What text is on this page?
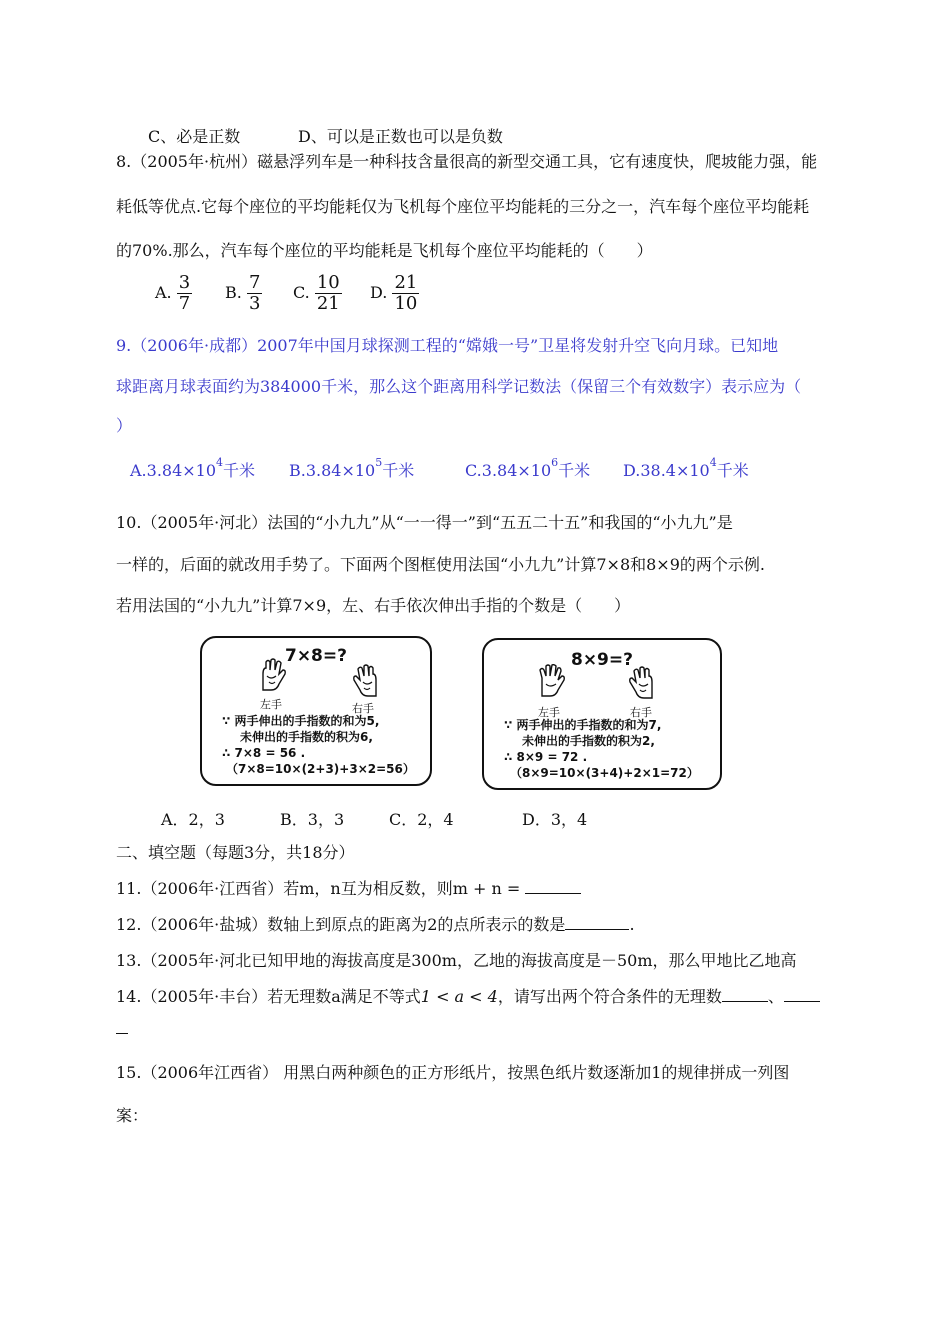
C、必是正数	D、可以是正数也可以是负数
8.（2005年·杭州）磁悬浮列车是一种科技含量很高的新型交通工具，它有速度快，爬坡能力强，能
耗低等优点.它每个座位的平均能耗仅为飞机每个座位平均能耗的三分之一，汽车每个座位平均能耗
的70%.那么，汽车每个座位的平均能耗是飞机每个座位平均能耗的（　　）
A. $\frac{3}{7} B$. $\frac{7}{3} C$. $\frac{10}{21} D$. $\frac{21}{10}$
9.（2006年·成都）2007年中国月球探测工程的“嫦娥一号”卫星将发射升空飞向月球。已知地
球距离月球表面约为384000千米，那么这个距离用科学记数法（保留三个有效数字）表示应为（
）
$A.3.84\times 10^4$千米 $B.3.84\times 10^5$千米	$C.3.84\times 10^6$千米 $D.38.4\times 10^4$千米
10.（2005年·河北）法国的“小九九”从“一一得一”到“五五二十五”和我国的“小九九”是
一样的，后面的就改用手势了。下面两个图框使用法国“小九九”计算7×8和8×9的两个示例.
若用法国的“小九九”计算7×9，左、右手依次伸出手指的个数是（　　）
7×8=?
左手	右手
∵ 两手伸出的手指数的和为5,
未伸出的手指数的积为6,
∴ 7×8 = 56 .
（7×8=10×(2+3)+3×2=56）
8×9=?
左手	右手
∵ 两手伸出的手指数的和为7,
未伸出的手指数的积为2,
∴ 8×9 = 72 .
（8×9=10×(3+4)+2×1=72）
A．2，3	B．3，3	C．2，4	D．3，4
二、填空题（每题3分，共18分）
11.（2006年·江西省）若m，n互为相反数，则m + n =
12.（2006年·盐城）数轴上到原点的距离为2的点所表示的数是	.
13.（2005年·河北已知甲地的海拔高度是300m，乙地的海拔高度是－50m，那么甲地比乙地高
14.（2005年·丰台）若无理数a满足不等式1 < a < 4，请写出两个符合条件的无理数	、
15.（2006年江西省） 用黑白两种颜色的正方形纸片，按黑色纸片数逐渐加1的规律拼成一列图
案：
